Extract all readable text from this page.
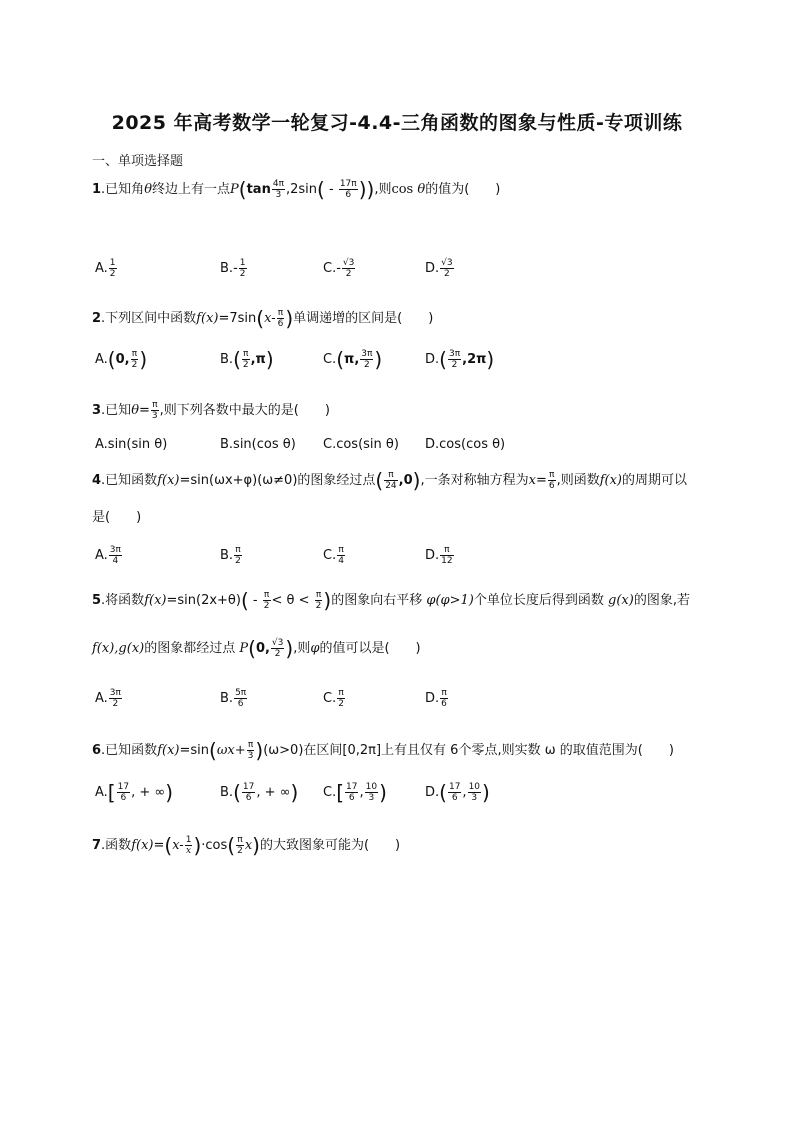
2025 年高考数学一轮复习-4.4-三角函数的图象与性质-专项训练
一、单项选择题
1.已知角θ终边上有一点$P(\tan \frac{4\pi}{3} ,2\sin( - \frac{17\pi}{6}$ )),则cos θ的值为( )
A. $\frac{1}{2}$	$B.- \frac{1}{2}$	$C.- \frac{√3}{2}$	D. $\frac{√3}{2}$
2.下列区间中函数$f(x)=7\sin(x- \frac{\pi}{6}$ )单调递增的区间是( )
A.(0, $\frac{\pi}{2}$ )	$B.( \frac{\pi}{2} ,\pi)$	C.(π, $\frac{3\pi}{2}$ )	$D.( \frac{3\pi}{2} ,2\pi)$
3.已知$\theta= \frac{\pi}{3}$ ,则下列各数中最大的是( )
A.sin(sin θ)	B.sin(cos θ) C.cos(sin θ) D.cos(cos θ)
4.已知函数f(x)=sin(ωx+φ)(ω≠0)的图象经过点( $\frac{\pi}{24} ,0$),一条对称轴方程为$x= \frac{\pi}{6}$ ,则函数f(x)的周期可以
是( )
A. $\frac{3\pi}{4}$	B. $\frac{\pi}{2}$	C. $\frac{\pi}{4}$	D. $\frac{\pi}{12}$
5.将函数$f(x)=\sin(2x+\theta)( - \frac{\pi}{2} < \theta < \frac{\pi}{2}$ )的图象向右平移 φ(φ>1)个单位长度后得到函数 g(x)的图象,若
f(x),g(x)的图象都经过点 P(0, $\frac{√3}{2}$ ),则φ的值可以是( )
A. $\frac{3\pi}{2}$	B. $\frac{5\pi}{6}$	C. $\frac{\pi}{2}$	D. $\frac{\pi}{6}$
6.已知函数$f(x)=\sin(\omega x+ \frac{\pi}{3} )(\omega>0)$在区间[0,2π]上有且仅有 6个零点,则实数 ω 的取值范围为( )
$A.[ \frac{17}{6}$ , + ∞)	$B.( \frac{17}{6}$ , + ∞) $C.[ \frac{17}{6}$ , $\frac{10}{3}$ )	$D.( \frac{17}{6}$ , $\frac{10}{3}$ )
7.函数$f(x)=(x- \frac{1}{x} )\cdot\cos( \frac{\pi}{2} x)$的大致图象可能为( )
